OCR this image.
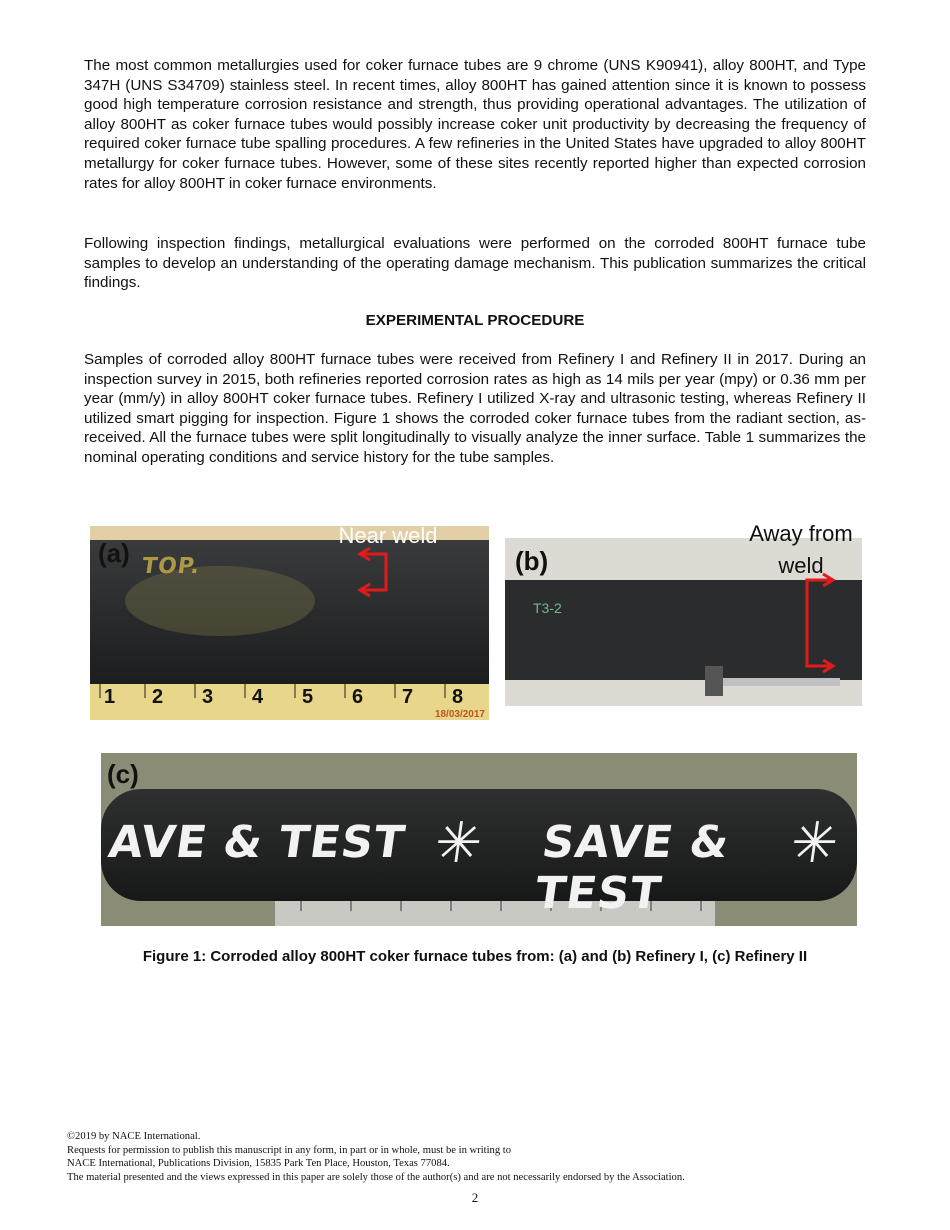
The most common metallurgies used for coker furnace tubes are 9 chrome (UNS K90941), alloy 800HT, and Type 347H (UNS S34709) stainless steel. In recent times, alloy 800HT has gained attention since it is known to possess good high temperature corrosion resistance and strength, thus providing operational advantages. The utilization of alloy 800HT as coker furnace tubes would possibly increase coker unit productivity by decreasing the frequency of required coker furnace tube spalling procedures. A few refineries in the United States have upgraded to alloy 800HT metallurgy for coker furnace tubes. However, some of these sites recently reported higher than expected corrosion rates for alloy 800HT in coker furnace environments.

Following inspection findings, metallurgical evaluations were performed on the corroded 800HT furnace tube samples to develop an understanding of the operating damage mechanism. This publication summarizes the critical findings.

EXPERIMENTAL PROCEDURE

Samples of corroded alloy 800HT furnace tubes were received from Refinery I and Refinery II in 2017. During an inspection survey in 2015, both refineries reported corrosion rates as high as 14 mils per year (mpy) or 0.36 mm per year (mm/y) in alloy 800HT coker furnace tubes. Refinery I utilized X-ray and ultrasonic testing, whereas Refinery II utilized smart pigging for inspection. Figure 1 shows the corroded coker furnace tubes from the radiant section, as-received. All the furnace tubes were split longitudinally to visually analyze the inner surface. Table 1 summarizes the nominal operating conditions and service history for the tube samples.

TOP.
1 2 3 4 5 6 7 8
18/03/2017
(a)
Near weld
T3-2
(b)
Away from
weld
AVE & TEST ✳ SAVE & TEST
✳
(c)
Figure 1: Corroded alloy 800HT coker furnace tubes from: (a) and (b) Refinery I, (c) Refinery II
©2019 by NACE International.
Requests for permission to publish this manuscript in any form, in part or in whole, must be in writing to
NACE International, Publications Division, 15835 Park Ten Place, Houston, Texas 77084.
The material presented and the views expressed in this paper are solely those of the author(s) and are not necessarily endorsed by the Association.
2
